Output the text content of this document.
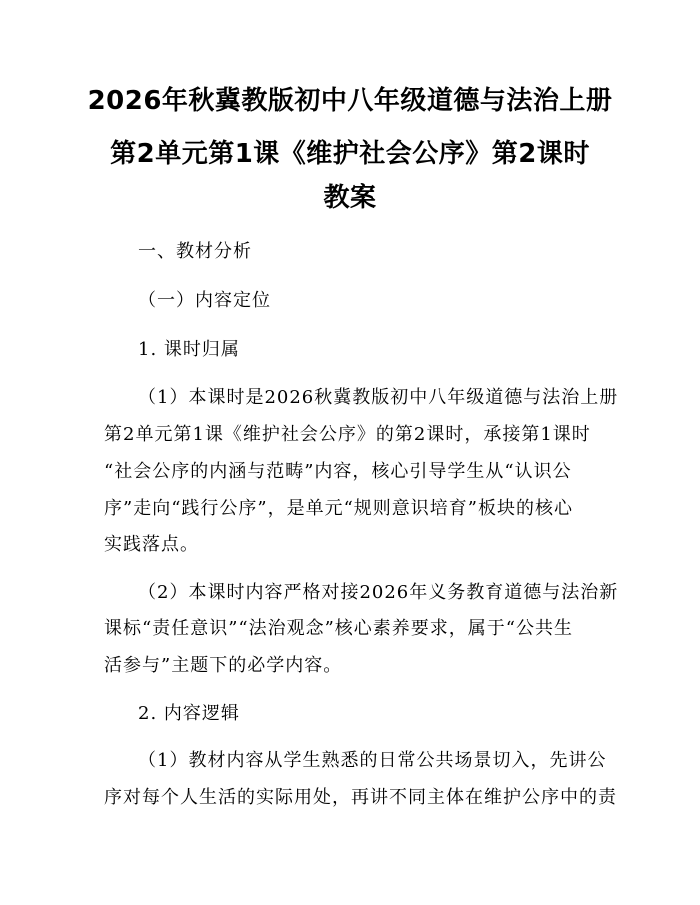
2026年秋冀教版初中八年级道德与法治上册
第2单元第1课《维护社会公序》第2课时
教案
一、教材分析
（一）内容定位
1. 课时归属
（1）本课时是2026秋冀教版初中八年级道德与法治上册
第2单元第1课《维护社会公序》的第2课时，承接第1课时
“社会公序的内涵与范畴”内容，核心引导学生从“认识公
序”走向“践行公序”，是单元“规则意识培育”板块的核心
实践落点。
（2）本课时内容严格对接2026年义务教育道德与法治新
课标“责任意识”“法治观念”核心素养要求，属于“公共生
活参与”主题下的必学内容。
2. 内容逻辑
（1）教材内容从学生熟悉的日常公共场景切入，先讲公
序对每个人生活的实际用处，再讲不同主体在维护公序中的责
